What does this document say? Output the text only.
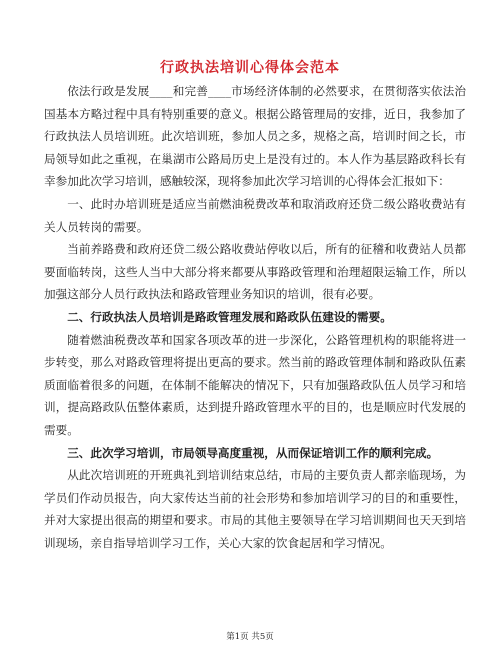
行政执法培训心得体会范本

依法行政是发展____和完善____市场经济体制的必然要求，在贯彻落实依法治国基本方略过程中具有特别重要的意义。根据公路管理局的安排，近日，我参加了行政执法人员培训班。此次培训班，参加人员之多，规格之高，培训时间之长，市局领导如此之重视，在巢湖市公路局历史上是没有过的。本人作为基层路政科长有幸参加此次学习培训，感触较深，现将参加此次学习培训的心得体会汇报如下：

一、此时办培训班是适应当前燃油税费改革和取消政府还贷二级公路收费站有关人员转岗的需要。

当前养路费和政府还贷二级公路收费站停收以后，所有的征稽和收费站人员都要面临转岗，这些人当中大部分将来都要从事路政管理和治理超限运输工作，所以加强这部分人员行政执法和路政管理业务知识的培训，很有必要。

二、行政执法人员培训是路政管理发展和路政队伍建设的需要。

随着燃油税费改革和国家各项改革的进一步深化，公路管理机构的职能将进一步转变，那么对路政管理将提出更高的要求。然当前的路政管理体制和路政队伍素质面临着很多的问题，在体制不能解决的情况下，只有加强路政队伍人员学习和培训，提高路政队伍整体素质，达到提升路政管理水平的目的，也是顺应时代发展的需要。

三、此次学习培训，市局领导高度重视，从而保证培训工作的顺利完成。

从此次培训班的开班典礼到培训结束总结，市局的主要负责人都亲临现场，为学员们作动员报告，向大家传达当前的社会形势和参加培训学习的目的和重要性，并对大家提出很高的期望和要求。市局的其他主要领导在学习培训期间也天天到培训现场，亲自指导培训学习工作，关心大家的饮食起居和学习情况。

第1页 共5页
